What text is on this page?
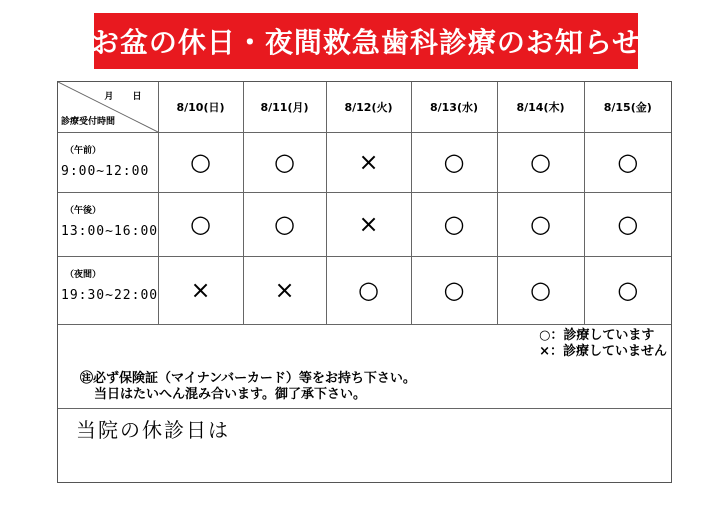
お盆の休日・夜間救急歯科診療のお知らせ
月 日
診療受付時間	8/10(日)	8/11(月)	8/12(火)	8/13(水)	8/14(木)	8/15(金)

（午前）
9:00~12:00	○	○	×	○	○	○

（午後）
13:00~16:00	○	○	×	○	○	○

（夜間）
19:30~22:00	×	×	○	○	○	○
○：診療しています
×：診療していません
㊟必ず保険証（マイナンバーカード）等をお持ち下さい。
当日はたいへん混み合います。御了承下さい。
当院の休診日は
